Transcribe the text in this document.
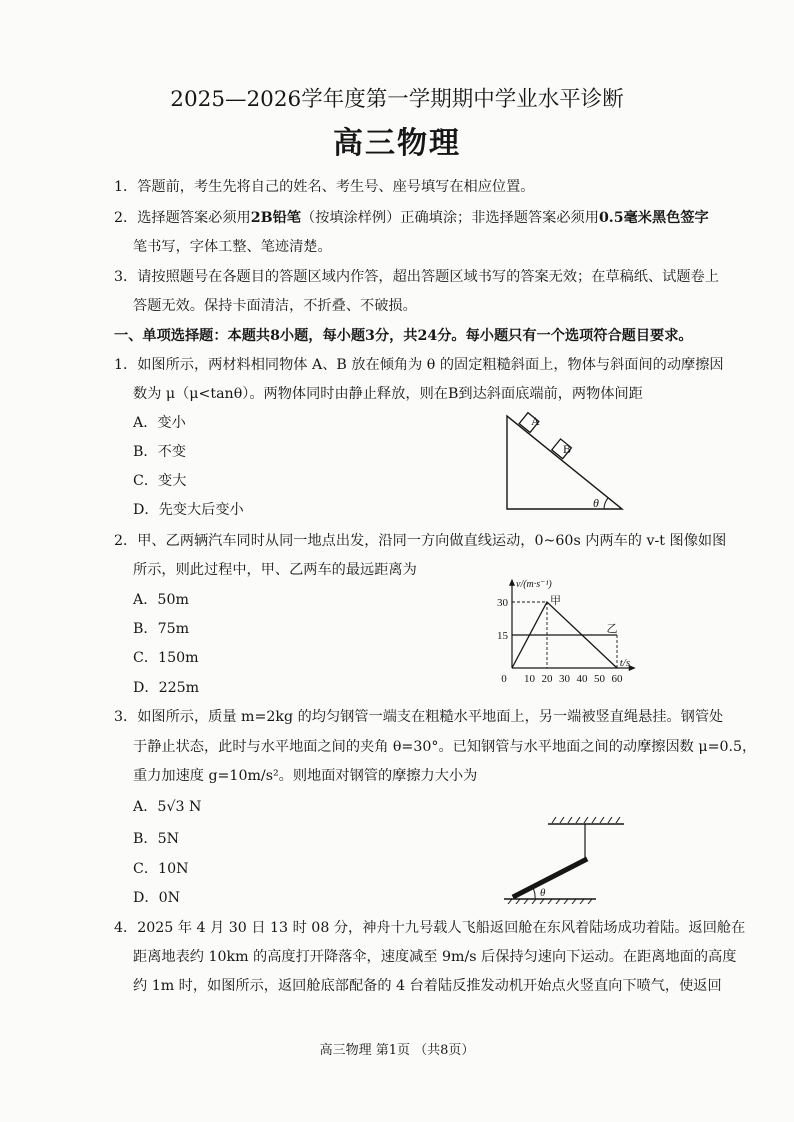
2025—2026学年度第一学期期中学业水平诊断
高三物理
1．答题前，考生先将自己的姓名、考生号、座号填写在相应位置。
2．选择题答案必须用2B铅笔（按填涂样例）正确填涂；非选择题答案必须用0.5毫米黑色签字
笔书写，字体工整、笔迹清楚。
3．请按照题号在各题目的答题区域内作答，超出答题区域书写的答案无效；在草稿纸、试题卷上
答题无效。保持卡面清洁，不折叠、不破损。
一、单项选择题：本题共8小题，每小题3分，共24分。每小题只有一个选项符合题目要求。
1．如图所示，两材料相同物体 A、B 放在倾角为 θ 的固定粗糙斜面上，物体与斜面间的动摩擦因
数为 μ（μ<tanθ）。两物体同时由静止释放，则在B到达斜面底端前，两物体间距
A．变小
B．不变
C．变大
D．先变大后变小
A
B
θ
2．甲、乙两辆汽车同时从同一地点出发，沿同一方向做直线运动，0~60s 内两车的 v-t 图像如图
所示，则此过程中，甲、乙两车的最远距离为
A．50m
B．75m
C．150m
D．225m
v/(m·s⁻¹)
t/s
15
30
0 10 20 30 40 50 60
甲
乙
3．如图所示，质量 m=2kg 的均匀钢管一端支在粗糙水平地面上，另一端被竖直绳悬挂。钢管处
于静止状态，此时与水平地面之间的夹角 θ=30°。已知钢管与水平地面之间的动摩擦因数 μ=0.5，
重力加速度 g=10m/s²。则地面对钢管的摩擦力大小为
A．5√3 N
B．5N
C．10N
D．0N	θ
4．2025 年 4 月 30 日 13 时 08 分，神舟十九号载人飞船返回舱在东风着陆场成功着陆。返回舱在
距离地表约 10km 的高度打开降落伞，速度减至 9m/s 后保持匀速向下运动。在距离地面的高度
约 1m 时，如图所示，返回舱底部配备的 4 台着陆反推发动机开始点火竖直向下喷气，使返回
高三物理 第1页 （共8页）
